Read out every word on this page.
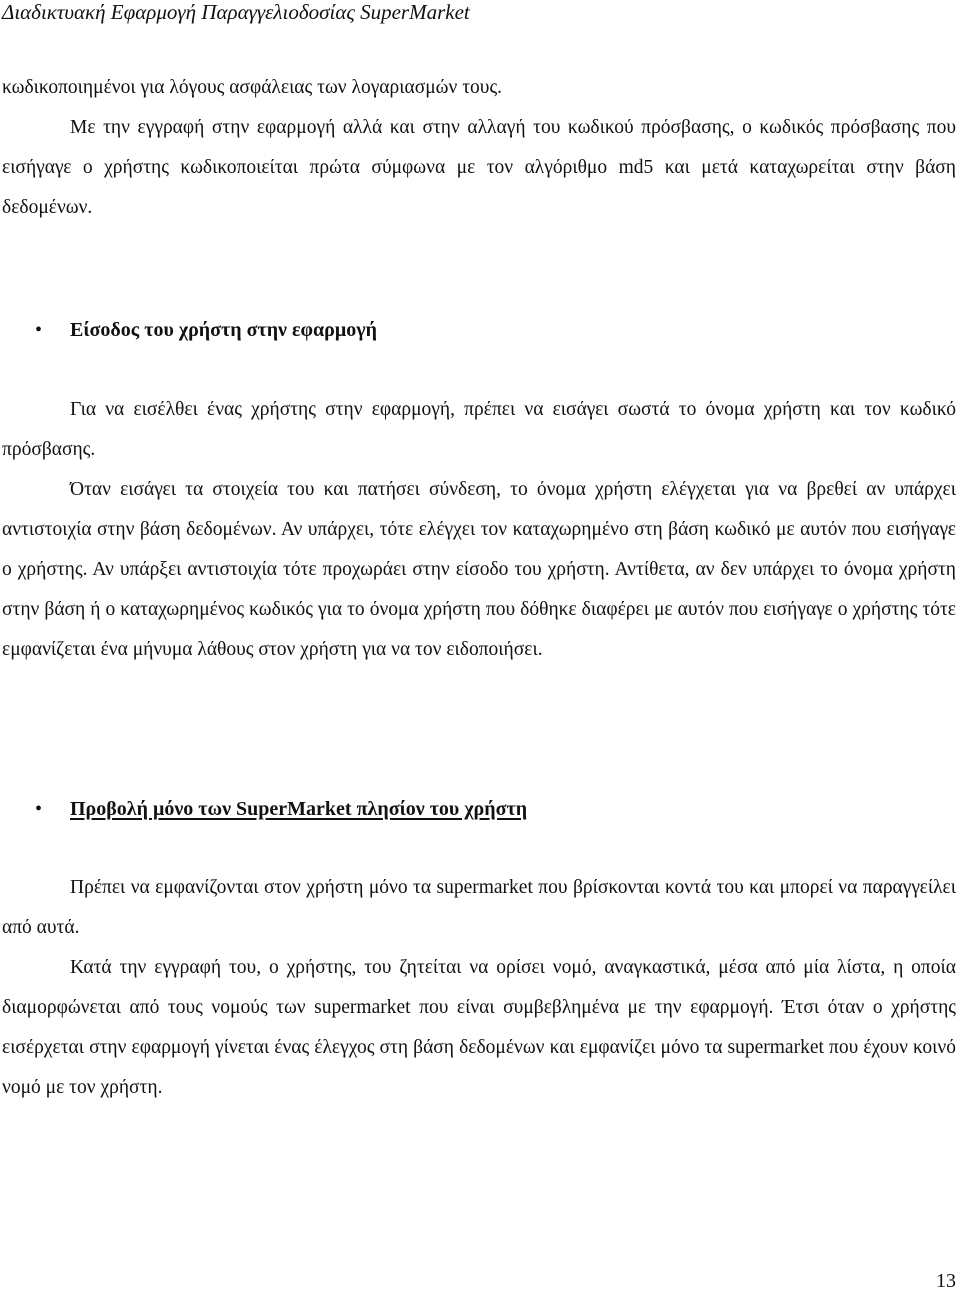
Διαδικτυακή Εφαρμογή Παραγγελιοδοσίας SuperMarket

κωδικοποιημένοι για λόγους ασφάλειας των λογαριασμών τους.

Με την εγγραφή στην εφαρμογή αλλά και στην αλλαγή του κωδικού πρόσβασης, ο κωδικός πρόσβασης που εισήγαγε ο χρήστης κωδικοποιείται πρώτα σύμφωνα με τον αλγόριθμο md5 και μετά καταχωρείται στην βάση δεδομένων.

• Είσοδος του χρήστη στην εφαρμογή

Για να εισέλθει ένας χρήστης στην εφαρμογή, πρέπει να εισάγει σωστά το όνομα χρήστη και τον κωδικό πρόσβασης.

Όταν εισάγει τα στοιχεία του και πατήσει σύνδεση, το όνομα χρήστη ελέγχεται για να βρεθεί αν υπάρχει αντιστοιχία στην βάση δεδομένων. Αν υπάρχει, τότε ελέγχει τον καταχωρημένο στη βάση κωδικό με αυτόν που εισήγαγε ο χρήστης. Αν υπάρξει αντιστοιχία τότε προχωράει στην είσοδο του χρήστη. Αντίθετα, αν δεν υπάρχει το όνομα χρήστη στην βάση ή ο καταχωρημένος κωδικός για το όνομα χρήστη που δόθηκε διαφέρει με αυτόν που εισήγαγε ο χρήστης τότε εμφανίζεται ένα μήνυμα λάθους στον χρήστη για να τον ειδοποιήσει.

• Προβολή μόνο των SuperMarket πλησίον του χρήστη

Πρέπει να εμφανίζονται στον χρήστη μόνο τα supermarket που βρίσκονται κοντά του και μπορεί να παραγγείλει από αυτά.

Κατά την εγγραφή του, ο χρήστης, του ζητείται να ορίσει νομό, αναγκαστικά, μέσα από μία λίστα, η οποία διαμορφώνεται από τους νομούς των supermarket που είναι συμβεβλημένα με την εφαρμογή. Έτσι όταν ο χρήστης εισέρχεται στην εφαρμογή γίνεται ένας έλεγχος στη βάση δεδομένων και εμφανίζει μόνο τα supermarket που έχουν κοινό νομό με τον χρήστη.

13
